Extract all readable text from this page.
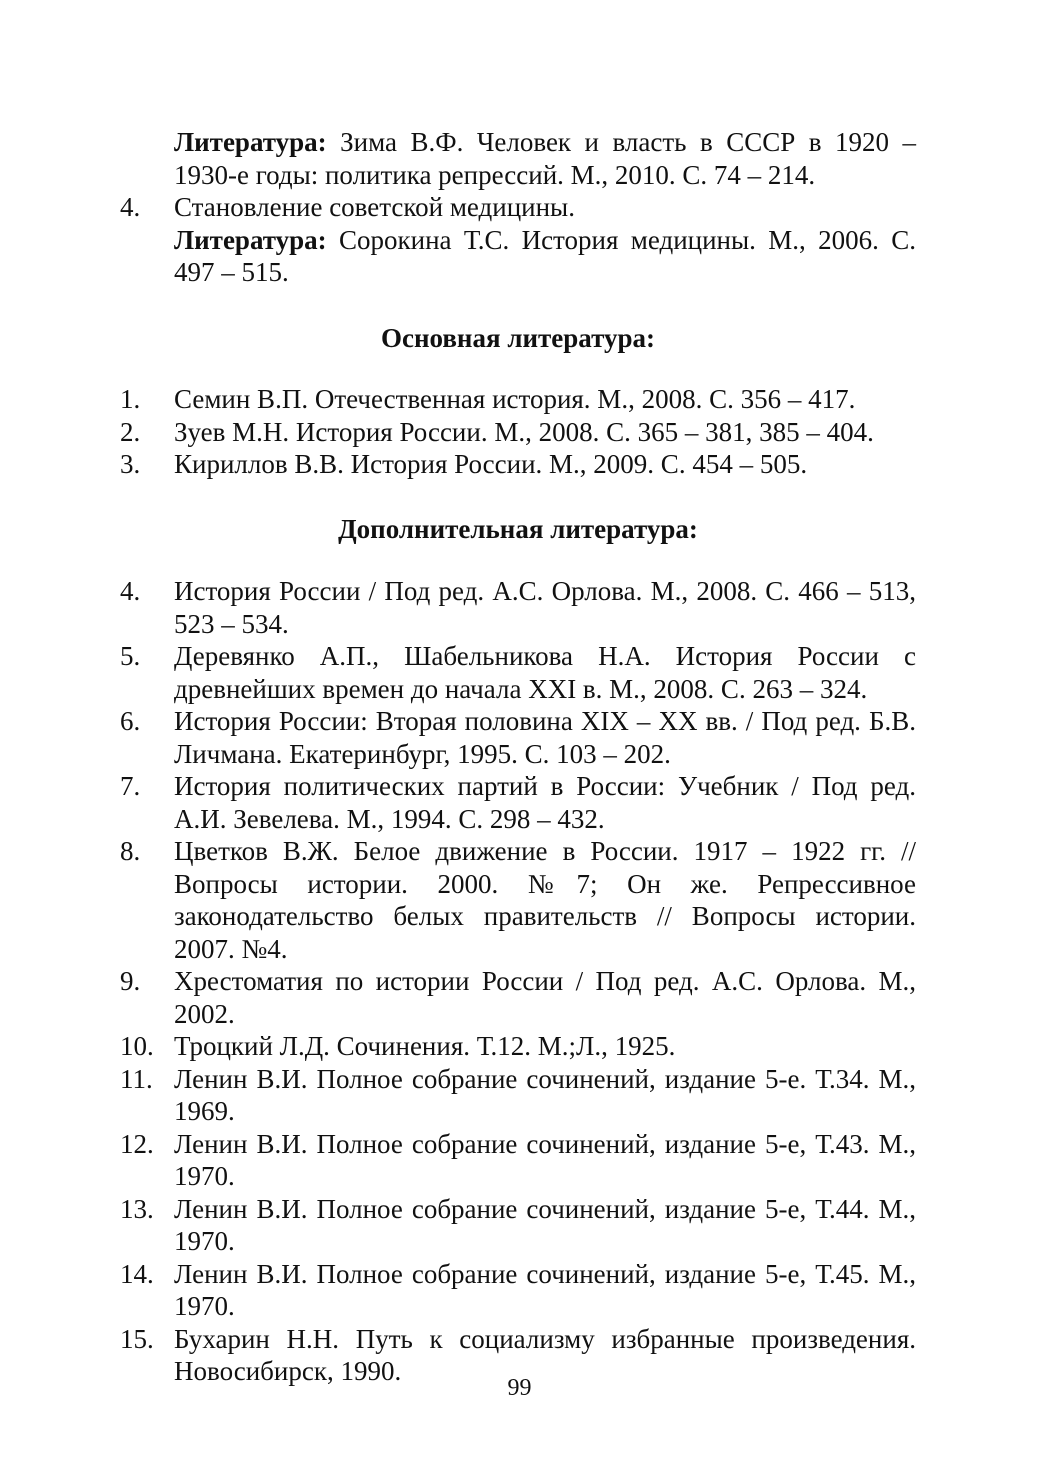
Литература: Зима В.Ф. Человек и власть в СССР в 1920 – 1930-е годы: политика репрессий. М., 2010. С. 74 – 214.
4.	Становление советской медицины.
Литература: Сорокина Т.С. История медицины. М., 2006. С. 497 – 515.
Основная литература:
1.	Семин В.П. Отечественная история. М., 2008. С. 356 – 417.
2.	Зуев М.Н. История России. М., 2008. С. 365 – 381, 385 – 404.
3.	Кириллов В.В. История России. М., 2009. С. 454 – 505.
Дополнительная литература:
4.	История России / Под ред. А.С. Орлова. М., 2008. С. 466 – 513, 523 – 534.
5.	Деревянко А.П., Шабельникова Н.А. История России с древнейших времен до начала XXI в. М., 2008. С. 263 – 324.
6.	История России: Вторая половина XIX – XX вв. / Под ред. Б.В. Личмана. Екатеринбург, 1995. С. 103 – 202.
7.	История политических партий в России: Учебник / Под ред. А.И. Зевелева. М., 1994. С. 298 – 432.
8.	Цветков В.Ж. Белое движение в России. 1917 – 1922 гг. // Вопросы истории. 2000. №7; Он же. Репрессивное законодательство белых правительств // Вопросы истории. 2007. №4.
9.	Хрестоматия по истории России / Под ред. А.С. Орлова. М., 2002.
10. Троцкий Л.Д. Сочинения. Т.12. М.;Л., 1925.
11. Ленин В.И. Полное собрание сочинений, издание 5-е. Т.34. М., 1969.
12. Ленин В.И. Полное собрание сочинений, издание 5-е, Т.43. М., 1970.
13. Ленин В.И. Полное собрание сочинений, издание 5-е, Т.44. М., 1970.
14. Ленин В.И. Полное собрание сочинений, издание 5-е, Т.45. М., 1970.
15. Бухарин Н.Н. Путь к социализму избранные произведения. Новосибирск, 1990.
99
